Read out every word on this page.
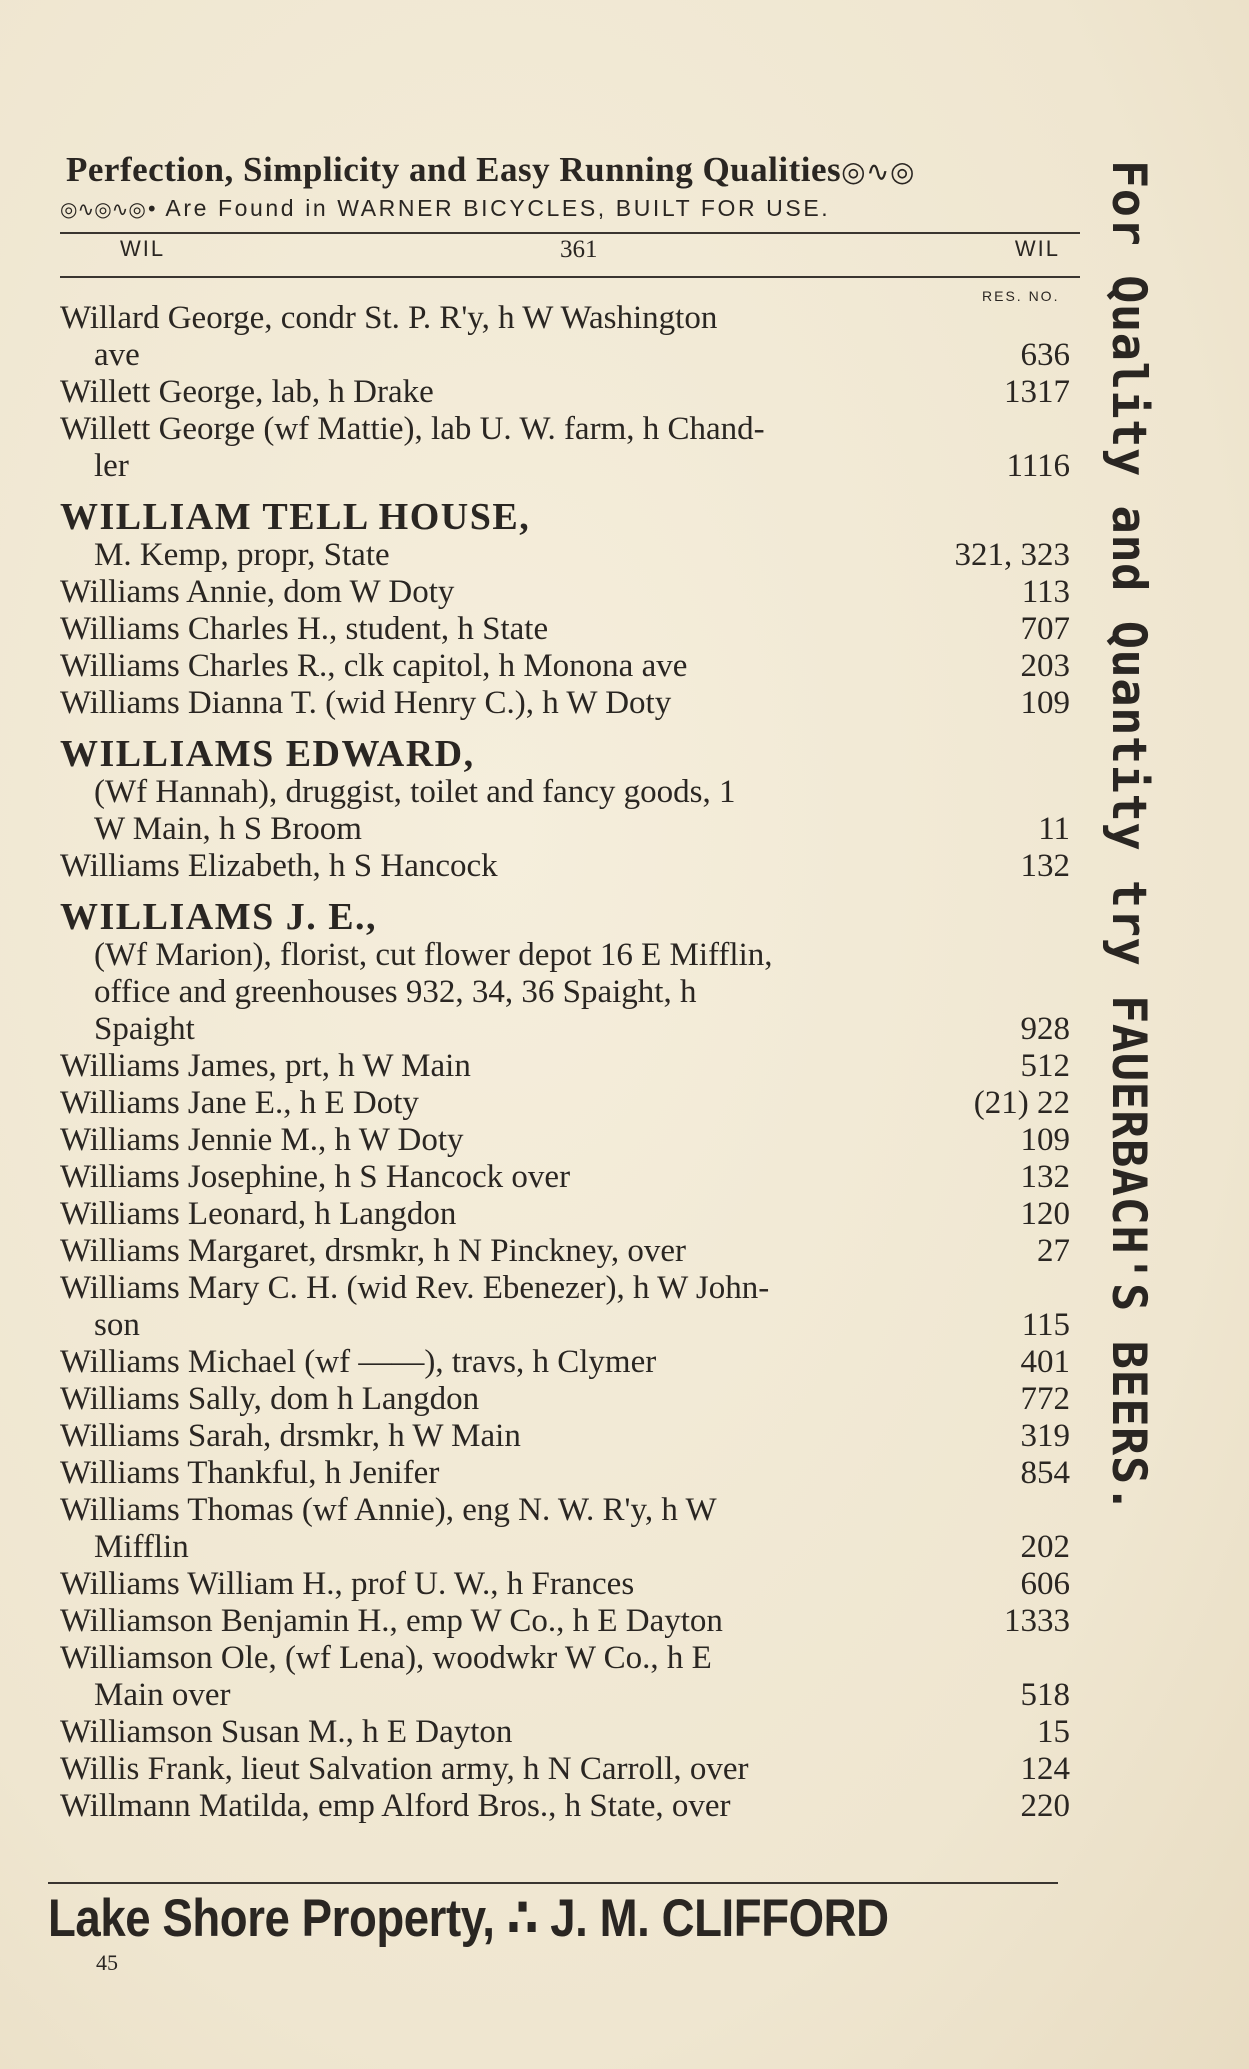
Perfection, Simplicity and Easy Running Qualities◎∿◎
◎∿◎∿◎• Are Found in WARNER BICYCLES, BUILT FOR USE.
WIL	361	WIL
RES. NO.
Willard George, condr St. P. R'y, h W Washington
ave	636
Willett George, lab, h Drake	1317
Willett George (wf Mattie), lab U. W. farm, h Chand-
ler	1116
WILLIAM TELL HOUSE,
M. Kemp, propr, State	321, 323
Williams Annie, dom W Doty	113
Williams Charles H., student, h State	707
Williams Charles R., clk capitol, h Monona ave	203
Williams Dianna T. (wid Henry C.), h W Doty	109
WILLIAMS EDWARD,
(Wf Hannah), druggist, toilet and fancy goods, 1
W Main, h S Broom	11
Williams Elizabeth, h S Hancock	132
WILLIAMS J. E.,
(Wf Marion), florist, cut flower depot 16 E Mifflin,
office and greenhouses 932, 34, 36 Spaight, h
Spaight	928
Williams James, prt, h W Main	512
Williams Jane E., h E Doty	(21) 22
Williams Jennie M., h W Doty	109
Williams Josephine, h S Hancock over	132
Williams Leonard, h Langdon	120
Williams Margaret, drsmkr, h N Pinckney, over	27
Williams Mary C. H. (wid Rev. Ebenezer), h W John-
son	115
Williams Michael (wf ——), travs, h Clymer	401
Williams Sally, dom h Langdon	772
Williams Sarah, drsmkr, h W Main	319
Williams Thankful, h Jenifer	854
Williams Thomas (wf Annie), eng N. W. R'y, h W
Mifflin	202
Williams William H., prof U. W., h Frances	606
Williamson Benjamin H., emp W Co., h E Dayton	1333
Williamson Ole, (wf Lena), woodwkr W Co., h E
Main over	518
Williamson Susan M., h E Dayton	15
Willis Frank, lieut Salvation army, h N Carroll, over	124
Willmann Matilda, emp Alford Bros., h State, over	220
Lake Shore Property, ∴ J. M. CLIFFORD
45
For Quality and Quantity try FAUERBACH'S BEERS.
